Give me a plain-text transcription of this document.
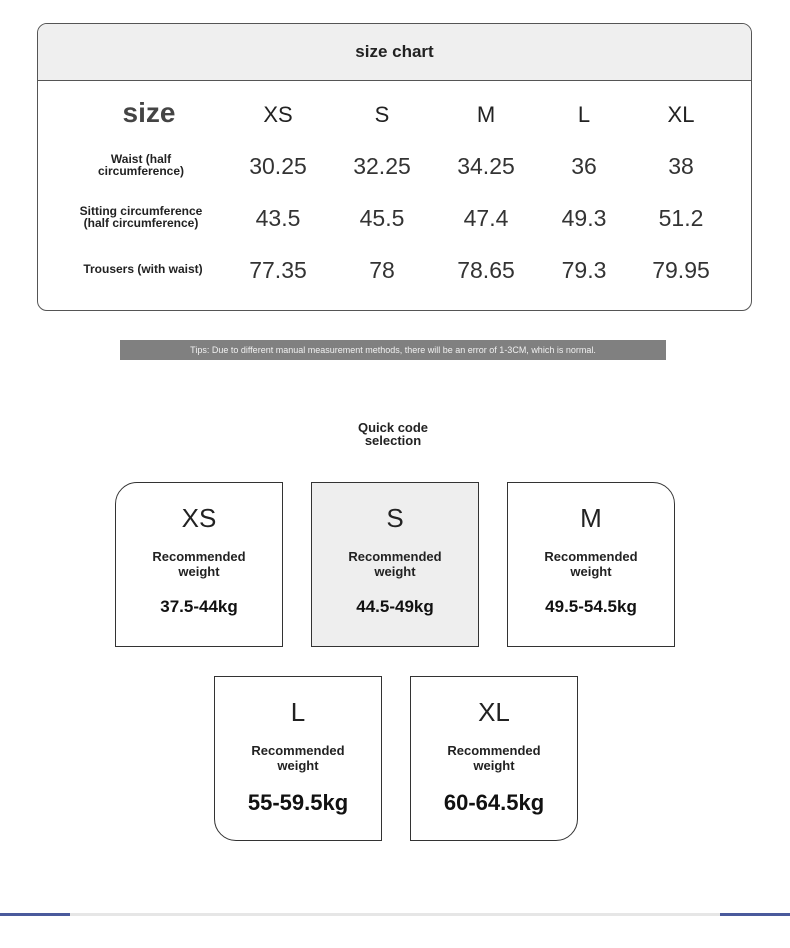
size chart
size	XS	S	M	L	XL
Waist (half
circumference)	30.25 32.25 34.25 36	38
Sitting circumference
(half circumference) 43.5	45.5	47.4 49.3 51.2
Trousers (with waist) 77.35	78	78.65 79.3 79.95
Tips: Due to different manual measurement methods, there will be an error of 1-3CM, which is normal.
Quick code
selection
XS
Recommended
weight
37.5-44kg
S
Recommended
weight
44.5-49kg
M
Recommended
weight
49.5-54.5kg
L
Recommended
weight
55-59.5kg
XL
Recommended
weight
60-64.5kg
